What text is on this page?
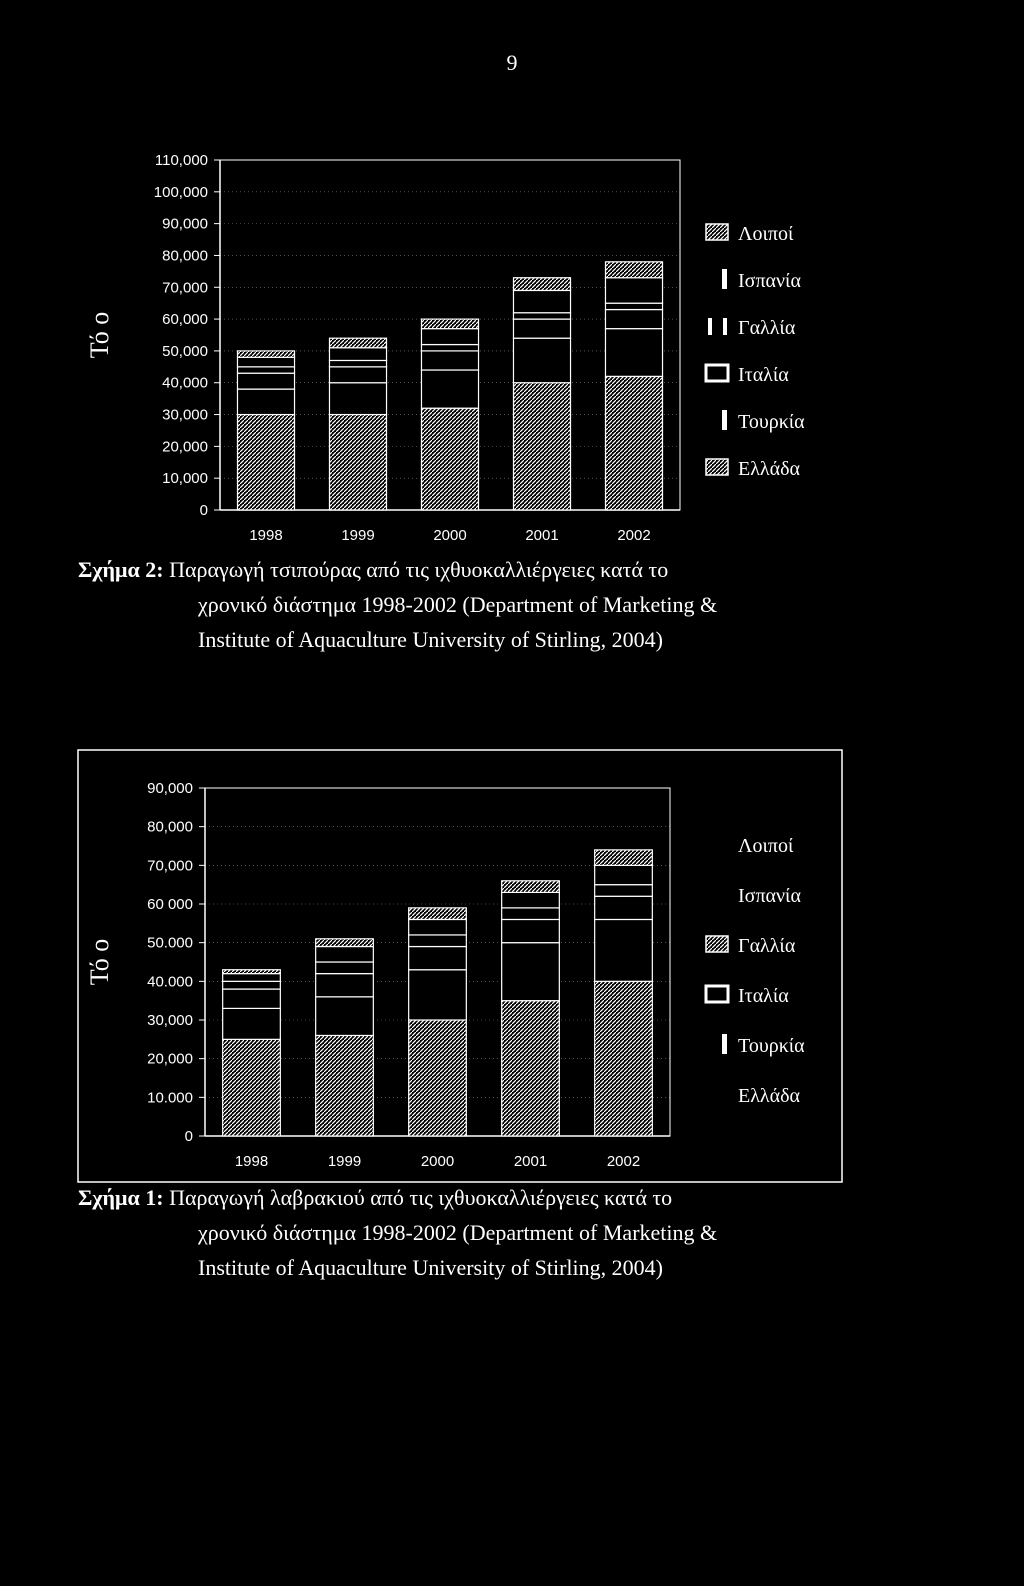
9
0
10,000
20,000
30,000
40,000
50,000
60,000
70,000
80,000
90,000
100,000
110,000
Τό ο
1998	1999	2000	2001	2002
Λοιποί
Ισπανία
Γαλλία
Ιταλία
Τουρκία
Ελλάδα
0
10.000
20,000
30,000
40.000
50.000
60 000
70,000
80,000
90,000
Τό ο
1998	1999	2000	2001	2002
Λοιποί
Ισπανία
Γαλλία
Ιταλία
Τουρκία
Ελλάδα
Σχήμα 2: Παραγωγή τσιπούρας από τις ιχθυοκαλλιέργειες κατά το
χρονικό διάστημα 1998-2002 (Department of Marketing &
Institute of Aquaculture University of Stirling, 2004)
Σχήμα 1: Παραγωγή λαβρακιού από τις ιχθυοκαλλιέργειες κατά το
χρονικό διάστημα 1998-2002 (Department of Marketing &
Institute of Aquaculture University of Stirling, 2004)
